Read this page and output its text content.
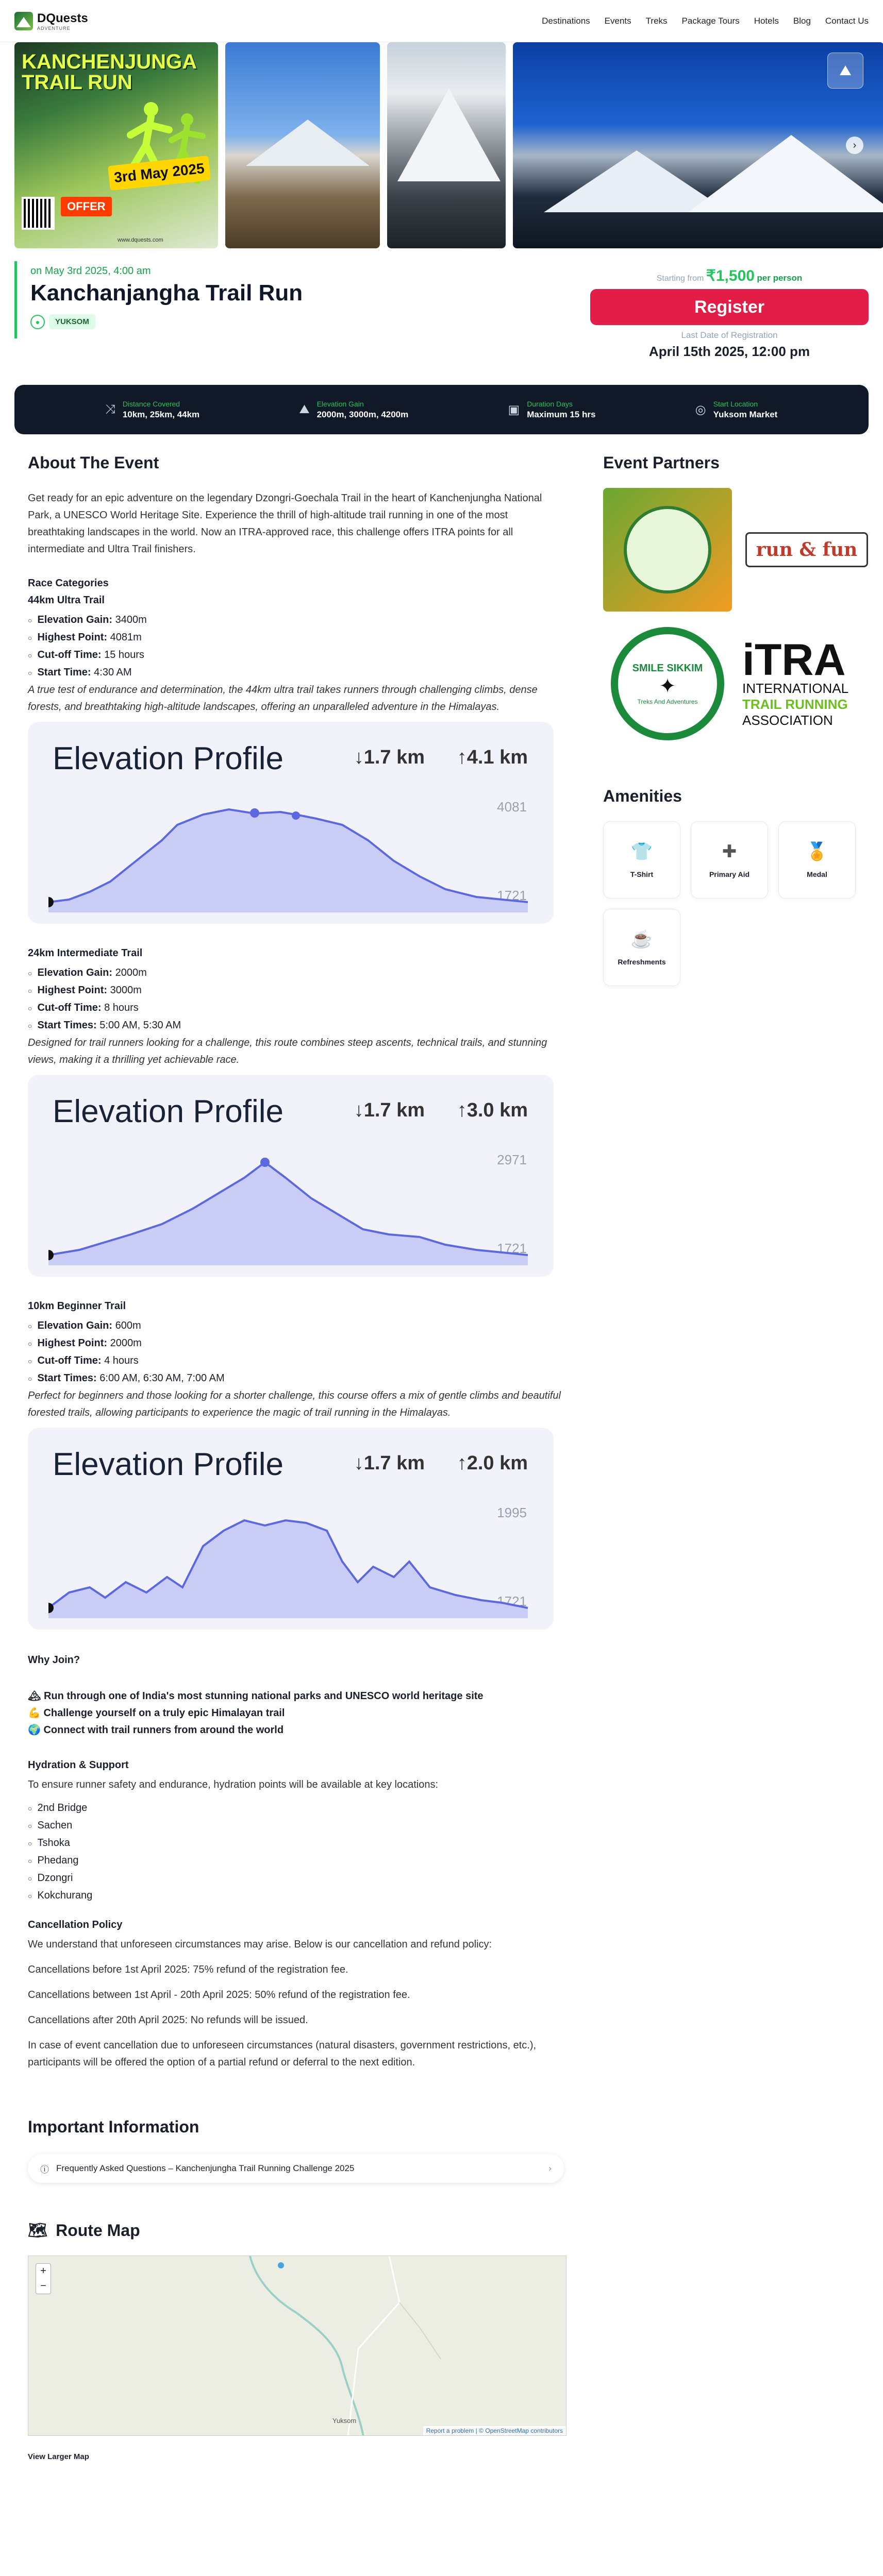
DQuests
ADVENTURE
Destinations Events Treks Package Tours Hotels Blog Contact Us
KANCHENJUNGA TRAIL RUN
3rd May 2025
OFFER
www.dquests.com
⛰
›
on May 3rd 2025, 4:00 am
Kanchanjangha Trail Run
●	YUKSOM
Starting from ₹1,500 per person
Register
Last Date of Registration
April 15th 2025, 12:00 pm
⤨ Distance Covered
10km, 25km, 44km	⛰ Elevation Gain
2000m, 3000m, 4200m	▣ Duration Days
Maximum 15 hrs	◎ Start Location
Yuksom Market
About The Event

Get ready for an epic adventure on the legendary Dzongri-Goechala Trail in the heart of Kanchenjungha National Park, a UNESCO World Heritage Site. Experience the thrill of high-altitude trail running in one of the most breathtaking landscapes in the world. Now an ITRA-approved race, this challenge offers ITRA points for all intermediate and Ultra Trail finishers.

Race Categories
44km Ultra Trail
○ Elevation Gain: 3400m
○ Highest Point: 4081m
○ Cut-off Time: 15 hours
○ Start Time: 4:30 AM
A true test of endurance and determination, the 44km ultra trail takes runners through challenging climbs, dense forests, and breathtaking high-altitude landscapes, offering an unparalleled adventure in the Himalayas.
Elevation Profile	↓1.7 km ↑4.1 km
4081
1721
24km Intermediate Trail
○ Elevation Gain: 2000m
○ Highest Point: 3000m
○ Cut-off Time: 8 hours
○ Start Times: 5:00 AM, 5:30 AM
Designed for trail runners looking for a challenge, this route combines steep ascents, technical trails, and stunning views, making it a thrilling yet achievable race.
Elevation Profile	↓1.7 km ↑3.0 km
2971
1721
10km Beginner Trail
○ Elevation Gain: 600m
○ Highest Point: 2000m
○ Cut-off Time: 4 hours
○ Start Times: 6:00 AM, 6:30 AM, 7:00 AM
Perfect for beginners and those looking for a shorter challenge, this course offers a mix of gentle climbs and beautiful forested trails, allowing participants to experience the magic of trail running in the Himalayas.
Elevation Profile	↓1.7 km ↑2.0 km
1995
1721
Why Join?
🏔 Run through one of India's most stunning national parks and UNESCO world heritage site
💪 Challenge yourself on a truly epic Himalayan trail
🌍 Connect with trail runners from around the world
Hydration & Support

To ensure runner safety and endurance, hydration points will be available at key locations:

○ 2nd Bridge
○ Sachen
○ Tshoka
○ Phedang
○ Dzongri
○ Kokchurang
Cancellation Policy

We understand that unforeseen circumstances may arise. Below is our cancellation and refund policy:

Cancellations before 1st April 2025: 75% refund of the registration fee.

Cancellations between 1st April - 20th April 2025: 50% refund of the registration fee.

Cancellations after 20th April 2025: No refunds will be issued.

In case of event cancellation due to unforeseen circumstances (natural disasters, government restrictions, etc.), participants will be offered the option of a partial refund or deferral to the next edition.

Important Information
ⓘ Frequently Asked Questions – Kanchenjungha Trail Running Challenge 2025	›
🗺 Route Map
+
−
Yuksom
Report a problem | © OpenStreetMap contributors
View Larger Map
Event Partners
run & fun
SMILE SIKKIM
✦
Treks And Adventures
iTRA
INTERNATIONAL
TRAIL RUNNING
ASSOCIATION
Amenities
👕
T-Shirt
✚
Primary Aid
🏅
Medal
☕
Refreshments
